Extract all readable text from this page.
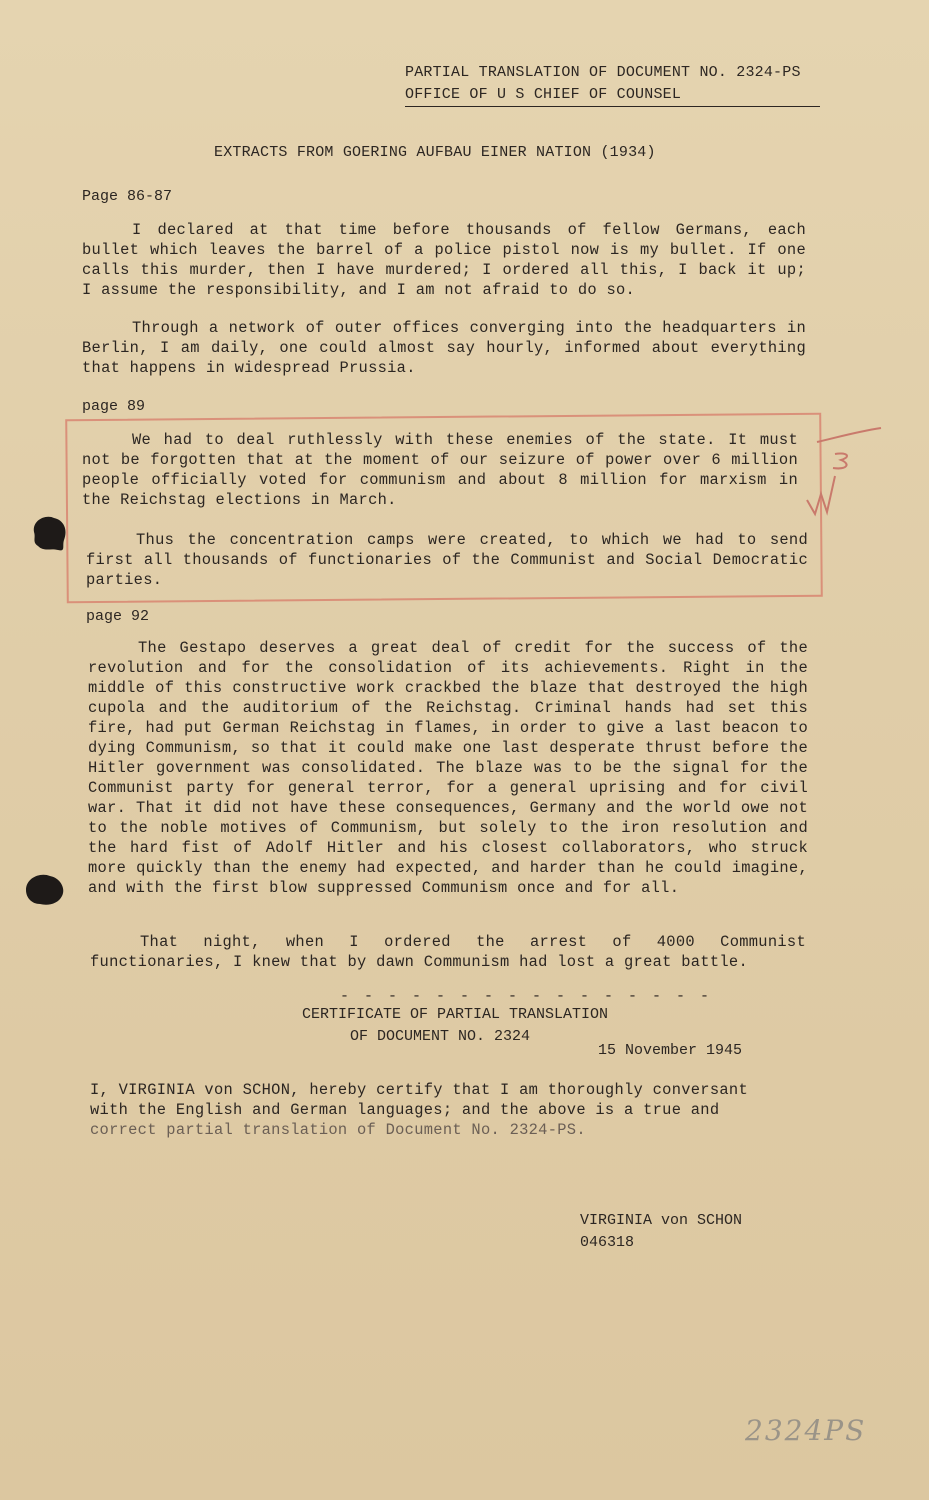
PARTIAL TRANSLATION OF DOCUMENT NO. 2324-PS

OFFICE OF U S CHIEF OF COUNSEL
EXTRACTS FROM GOERING AUFBAU EINER NATION (1934)
Page 86-87

I declared at that time before thousands of fellow Germans, each bullet which leaves the barrel of a police pistol now is my bullet. If one calls this murder, then I have murdered; I ordered all this, I back it up; I assume the responsibility, and I am not afraid to do so.

Through a network of outer offices converging into the headquarters in Berlin, I am daily, one could almost say hourly, informed about everything that happens in widespread Prussia.

page 89

We had to deal ruthlessly with these enemies of the state. It must not be forgotten that at the moment of our seizure of power over 6 million people officially voted for communism and about 8 million for marxism in the Reichstag elections in March.

Thus the concentration camps were created, to which we had to send first all thousands of functionaries of the Communist and Social Democratic parties.

page 92

The Gestapo deserves a great deal of credit for the success of the revolution and for the consolidation of its achievements. Right in the middle of this constructive work crackbed the blaze that destroyed the high cupola and the auditorium of the Reichstag. Criminal hands had set this fire, had put German Reichstag in flames, in order to give a last beacon to dying Communism, so that it could make one last desperate thrust before the Hitler government was consolidated. The blaze was to be the signal for the Communist party for general terror, for a general uprising and for civil war. That it did not have these consequences, Germany and the world owe not to the noble motives of Communism, but solely to the iron resolution and the hard fist of Adolf Hitler and his closest collaborators, who struck more quickly than the enemy had expected, and harder than he could imagine, and with the first blow suppressed Communism once and for all.

That night, when I ordered the arrest of 4000 Communist functionaries, I knew that by dawn Communism had lost a great battle.

- - - - - - - - - - - - - - - -
CERTIFICATE OF PARTIAL TRANSLATION
OF DOCUMENT NO. 2324
15 November 1945
I, VIRGINIA von SCHON, hereby certify that I am thoroughly conversant with the English and German languages; and the above is a true and correct partial translation of Document No. 2324-PS.
VIRGINIA von SCHON
046318
2324PS
